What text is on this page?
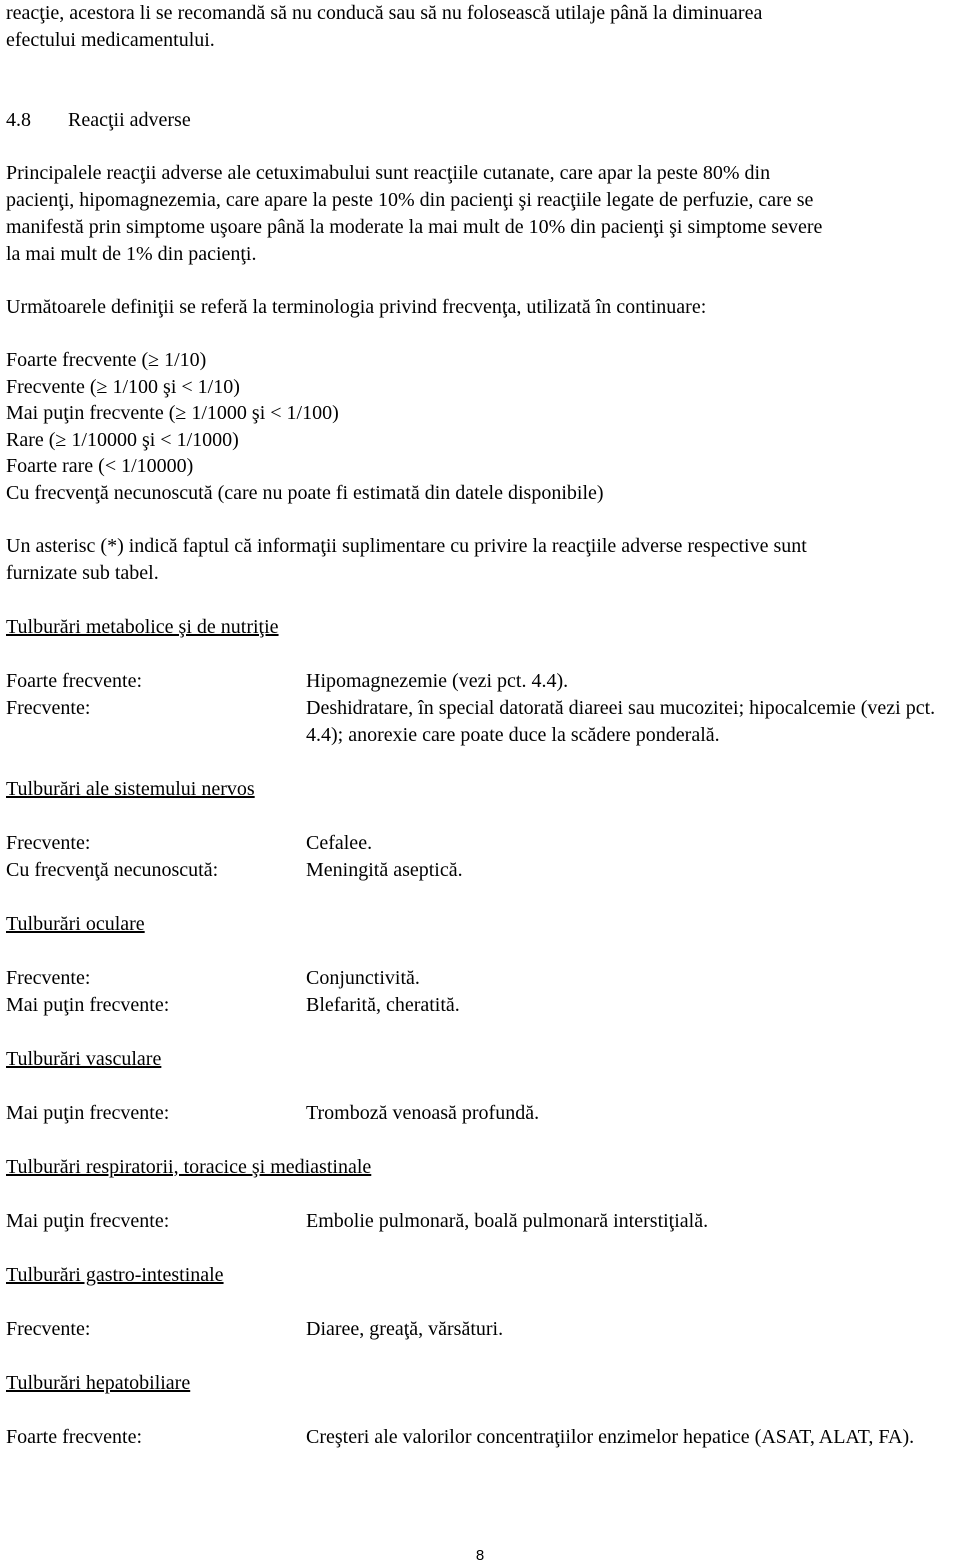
reacţie, acestora li se recomandă să nu conducă sau să nu folosească utilaje până la diminuarea
efectului medicamentului.
4.8 Reacţii adverse
Principalele reacţii adverse ale cetuximabului sunt reacţiile cutanate, care apar la peste 80% din
pacienţi, hipomagnezemia, care apare la peste 10% din pacienţi şi reacţiile legate de perfuzie, care se
manifestă prin simptome uşoare până la moderate la mai mult de 10% din pacienţi şi simptome severe
la mai mult de 1% din pacienţi.
Următoarele definiţii se referă la terminologia privind frecvenţa, utilizată în continuare:
Foarte frecvente (≥ 1/10)
Frecvente (≥ 1/100 şi < 1/10)
Mai puţin frecvente (≥ 1/1000 şi < 1/100)
Rare (≥ 1/10000 şi < 1/1000)
Foarte rare (< 1/10000)
Cu frecvenţă necunoscută (care nu poate fi estimată din datele disponibile)
Un asterisc (*) indică faptul că informaţii suplimentare cu privire la reacţiile adverse respective sunt
furnizate sub tabel.
Tulburări metabolice şi de nutriţie
Foarte frecvente:	Hipomagnezemie (vezi pct. 4.4).
Frecvente:	Deshidratare, în special datorată diareei sau mucozitei; hipocalcemie (vezi pct. 4.4); anorexie care poate duce la scădere ponderală.
Tulburări ale sistemului nervos
Frecvente:	Cefalee.
Cu frecvenţă necunoscută:	Meningită aseptică.
Tulburări oculare
Frecvente:	Conjunctivită.
Mai puţin frecvente:	Blefarită, cheratită.
Tulburări vasculare
Mai puţin frecvente:	Tromboză venoasă profundă.
Tulburări respiratorii, toracice şi mediastinale
Mai puţin frecvente:	Embolie pulmonară, boală pulmonară interstiţială.
Tulburări gastro-intestinale
Frecvente:	Diaree, greaţă, vărsături.
Tulburări hepatobiliare
Foarte frecvente:	Creşteri ale valorilor concentraţiilor enzimelor hepatice (ASAT, ALAT, FA).
8
